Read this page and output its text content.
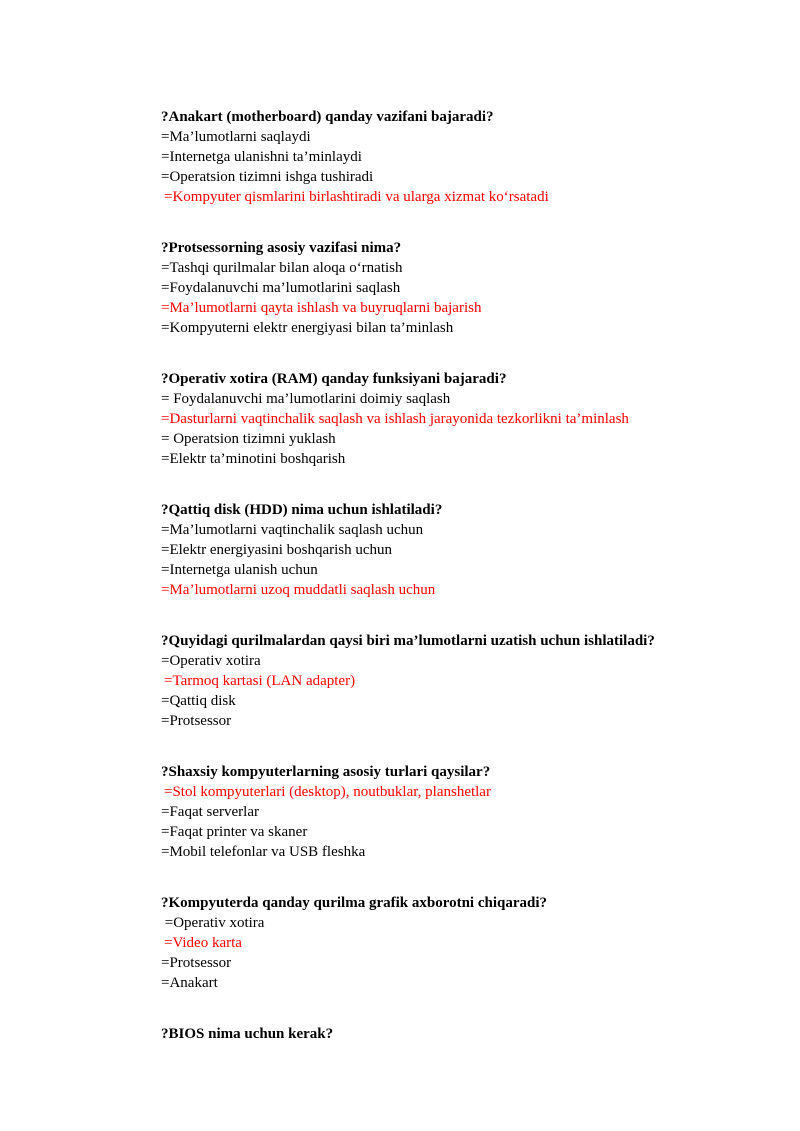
?Anakart (motherboard) qanday vazifani bajaradi?
=Ma’lumotlarni saqlaydi
=Internetga ulanishni ta’minlaydi
=Operatsion tizimni ishga tushiradi
=Kompyuter qismlarini birlashtiradi va ularga xizmat koʻrsatadi
?Protsessorning asosiy vazifasi nima?
=Tashqi qurilmalar bilan aloqa oʻrnatish
=Foydalanuvchi ma’lumotlarini saqlash
=Ma’lumotlarni qayta ishlash va buyruqlarni bajarish
=Kompyuterni elektr energiyasi bilan ta’minlash
?Operativ xotira (RAM) qanday funksiyani bajaradi?
= Foydalanuvchi ma’lumotlarini doimiy saqlash
=Dasturlarni vaqtinchalik saqlash va ishlash jarayonida tezkorlikni ta’minlash
= Operatsion tizimni yuklash
=Elektr ta’minotini boshqarish
?Qattiq disk (HDD) nima uchun ishlatiladi?
=Ma’lumotlarni vaqtinchalik saqlash uchun
=Elektr energiyasini boshqarish uchun
=Internetga ulanish uchun
=Ma’lumotlarni uzoq muddatli saqlash uchun
?Quyidagi qurilmalardan qaysi biri ma’lumotlarni uzatish uchun ishlatiladi?
=Operativ xotira
=Tarmoq kartasi (LAN adapter)
=Qattiq disk
=Protsessor
?Shaxsiy kompyuterlarning asosiy turlari qaysilar?
=Stol kompyuterlari (desktop), noutbuklar, planshetlar
=Faqat serverlar
=Faqat printer va skaner
=Mobil telefonlar va USB fleshka
?Kompyuterda qanday qurilma grafik axborotni chiqaradi?
=Operativ xotira
=Video karta
=Protsessor
=Anakart
?BIOS nima uchun kerak?
